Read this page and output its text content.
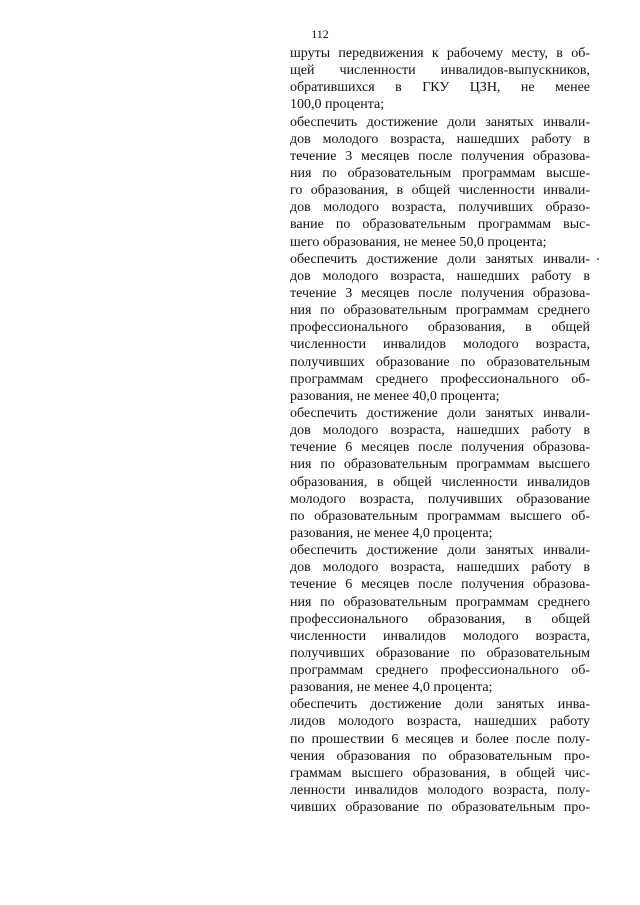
112
шруты передвижения к рабочему месту, в об-
щей численности инвалидов-выпускников,
обратившихся в ГКУ ЦЗН, не менее
100,0 процента;
обеспечить достижение доли занятых инвали-
дов молодого возраста, нашедших работу в
течение 3 месяцев после получения образова-
ния по образовательным программам высше-
го образования, в общей численности инвали-
дов молодого возраста, получивших образо-
вание по образовательным программам выс-
шего образования, не менее 50,0 процента;
обеспечить достижение доли занятых инвали-
дов молодого возраста, нашедших работу в
течение 3 месяцев после получения образова-
ния по образовательным программам среднего
профессионального образования, в общей
численности инвалидов молодого возраста,
получивших образование по образовательным
программам среднего профессионального об-
разования, не менее 40,0 процента;
обеспечить достижение доли занятых инвали-
дов молодого возраста, нашедших работу в
течение 6 месяцев после получения образова-
ния по образовательным программам высшего
образования, в общей численности инвалидов
молодого возраста, получивших образование
по образовательным программам высшего об-
разования, не менее 4,0 процента;
обеспечить достижение доли занятых инвали-
дов молодого возраста, нашедших работу в
течение 6 месяцев после получения образова-
ния по образовательным программам среднего
профессионального образования, в общей
численности инвалидов молодого возраста,
получивших образование по образовательным
программам среднего профессионального об-
разования, не менее 4,0 процента;
обеспечить достижение доли занятых инва-
лидов молодого возраста, нашедших работу
по прошествии 6 месяцев и более после полу-
чения образования по образовательным про-
граммам высшего образования, в общей чис-
ленности инвалидов молодого возраста, полу-
чивших образование по образовательным про-
